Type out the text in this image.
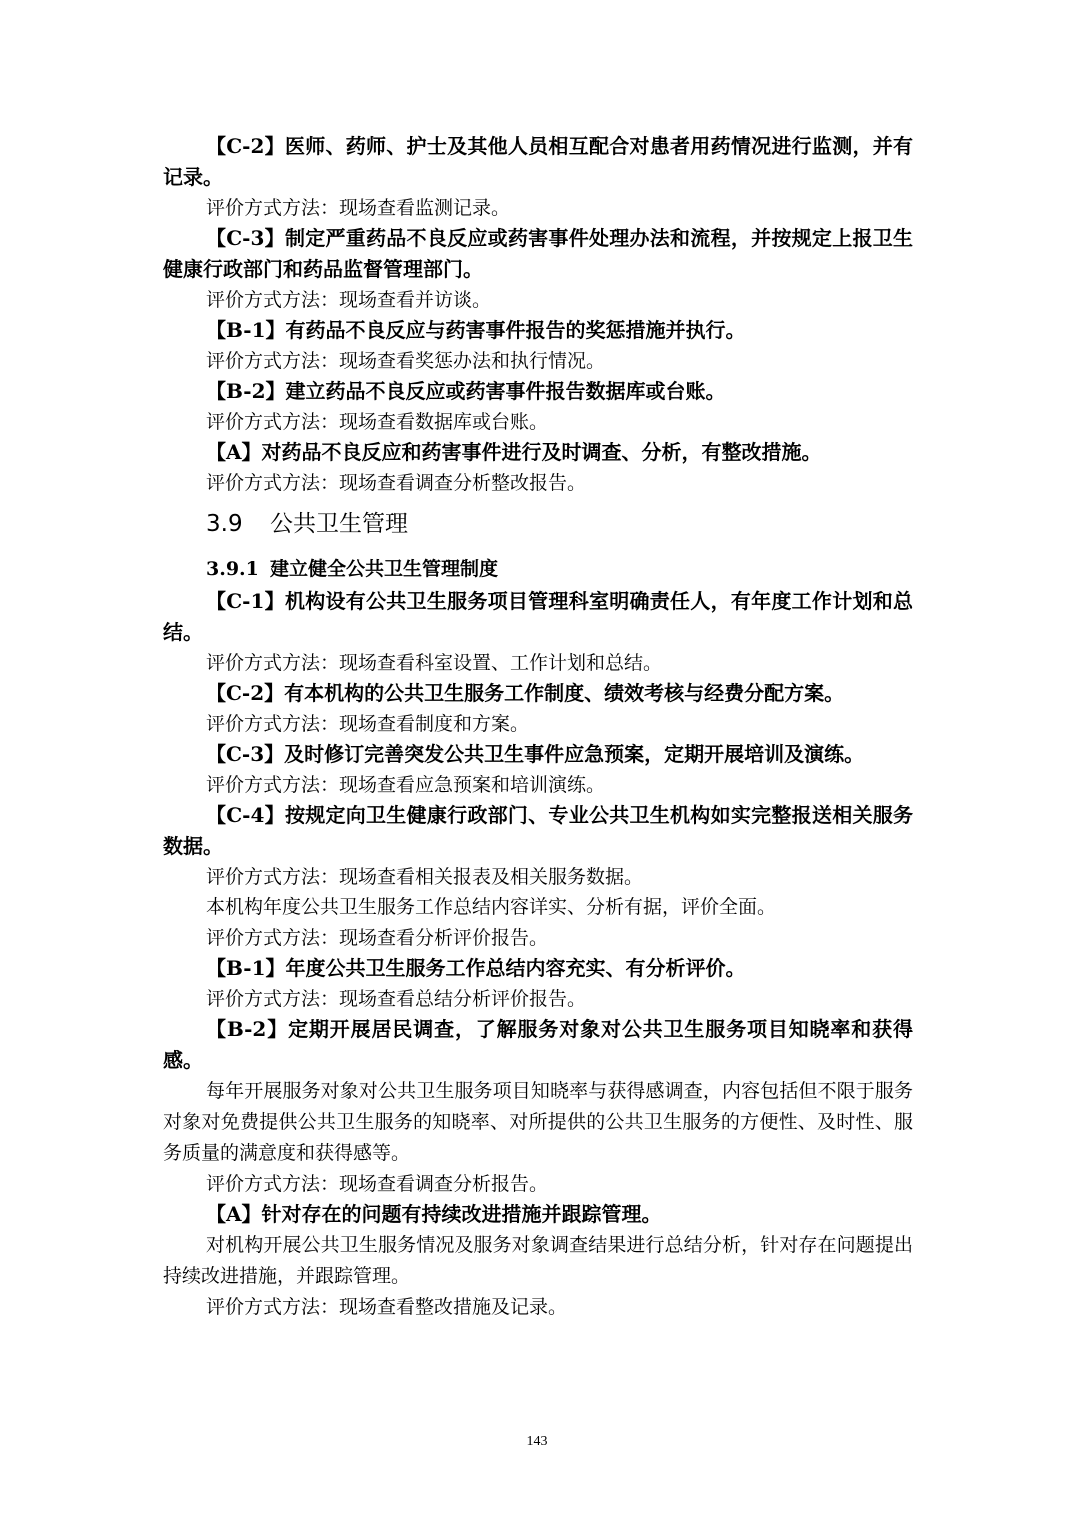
【C-2】医师、药师、护士及其他人员相互配合对患者用药情况进行监测，并有记录。

评价方式方法：现场查看监测记录。

【C-3】制定严重药品不良反应或药害事件处理办法和流程，并按规定上报卫生健康行政部门和药品监督管理部门。

评价方式方法：现场查看并访谈。

【B-1】有药品不良反应与药害事件报告的奖惩措施并执行。

评价方式方法：现场查看奖惩办法和执行情况。

【B-2】建立药品不良反应或药害事件报告数据库或台账。

评价方式方法：现场查看数据库或台账。

【A】对药品不良反应和药害事件进行及时调查、分析，有整改措施。

评价方式方法：现场查看调查分析整改报告。

3.9 公共卫生管理
3.9.1 建立健全公共卫生管理制度

【C-1】机构设有公共卫生服务项目管理科室明确责任人，有年度工作计划和总结。

评价方式方法：现场查看科室设置、工作计划和总结。

【C-2】有本机构的公共卫生服务工作制度、绩效考核与经费分配方案。

评价方式方法：现场查看制度和方案。

【C-3】及时修订完善突发公共卫生事件应急预案，定期开展培训及演练。

评价方式方法：现场查看应急预案和培训演练。

【C-4】按规定向卫生健康行政部门、专业公共卫生机构如实完整报送相关服务数据。

评价方式方法：现场查看相关报表及相关服务数据。

本机构年度公共卫生服务工作总结内容详实、分析有据，评价全面。

评价方式方法：现场查看分析评价报告。

【B-1】年度公共卫生服务工作总结内容充实、有分析评价。

评价方式方法：现场查看总结分析评价报告。

【B-2】定期开展居民调查，了解服务对象对公共卫生服务项目知晓率和获得感。

每年开展服务对象对公共卫生服务项目知晓率与获得感调查，内容包括但不限于服务对象对免费提供公共卫生服务的知晓率、对所提供的公共卫生服务的方便性、及时性、服务质量的满意度和获得感等。

评价方式方法：现场查看调查分析报告。

【A】针对存在的问题有持续改进措施并跟踪管理。

对机构开展公共卫生服务情况及服务对象调查结果进行总结分析，针对存在问题提出持续改进措施，并跟踪管理。

评价方式方法：现场查看整改措施及记录。

143
